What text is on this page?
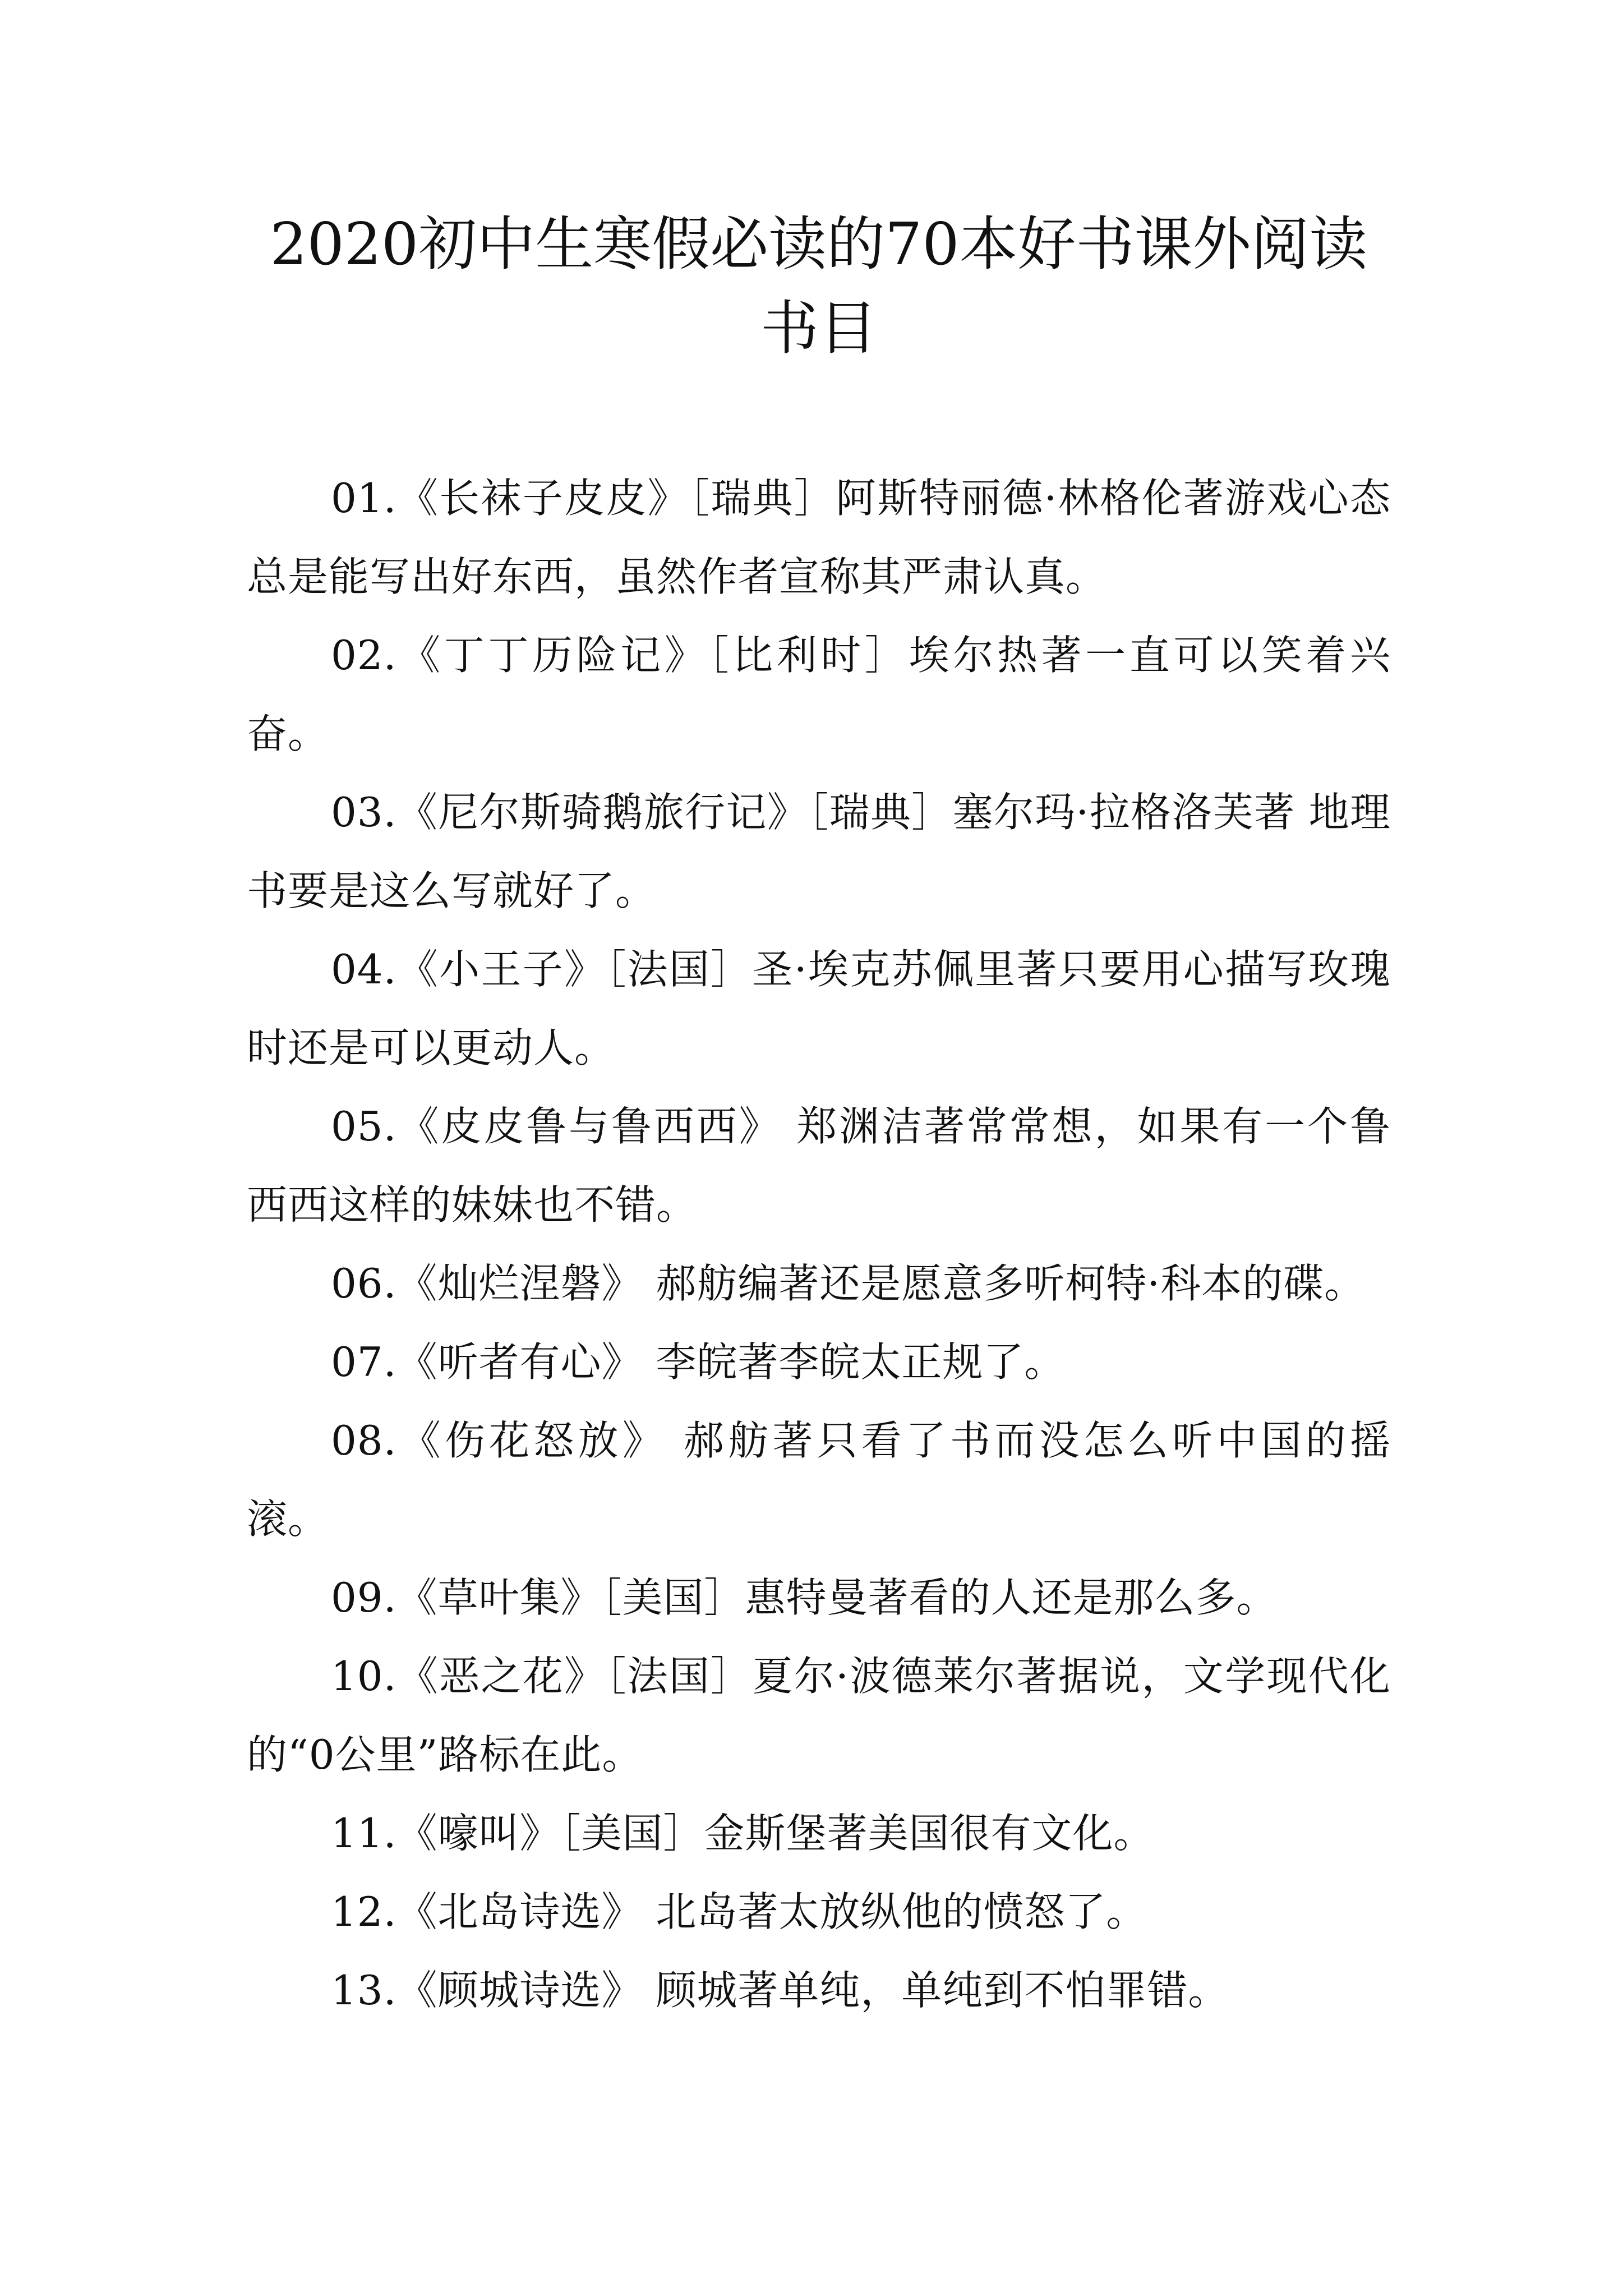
2020初中生寒假必读的70本好书课外阅读书目

01.《长袜子皮皮》［瑞典］阿斯特丽德·林格伦著游戏心态总是能写出好东西，虽然作者宣称其严肃认真。

02.《丁丁历险记》［比利时］埃尔热著一直可以笑着兴奋。

03.《尼尔斯骑鹅旅行记》［瑞典］塞尔玛·拉格洛芙著 地理书要是这么写就好了。

04.《小王子》［法国］圣·埃克苏佩里著只要用心描写玫瑰时还是可以更动人。

05.《皮皮鲁与鲁西西》 郑渊洁著常常想，如果有一个鲁西西这样的妹妹也不错。

06.《灿烂涅磐》 郝舫编著还是愿意多听柯特·科本的碟。

07.《听者有心》 李皖著李皖太正规了。

08.《伤花怒放》 郝舫著只看了书而没怎么听中国的摇滚。

09.《草叶集》［美国］惠特曼著看的人还是那么多。

10.《恶之花》［法国］夏尔·波德莱尔著据说，文学现代化的“0公里”路标在此。

11.《嚎叫》［美国］金斯堡著美国很有文化。

12.《北岛诗选》 北岛著太放纵他的愤怒了。

13.《顾城诗选》 顾城著单纯，单纯到不怕罪错。
